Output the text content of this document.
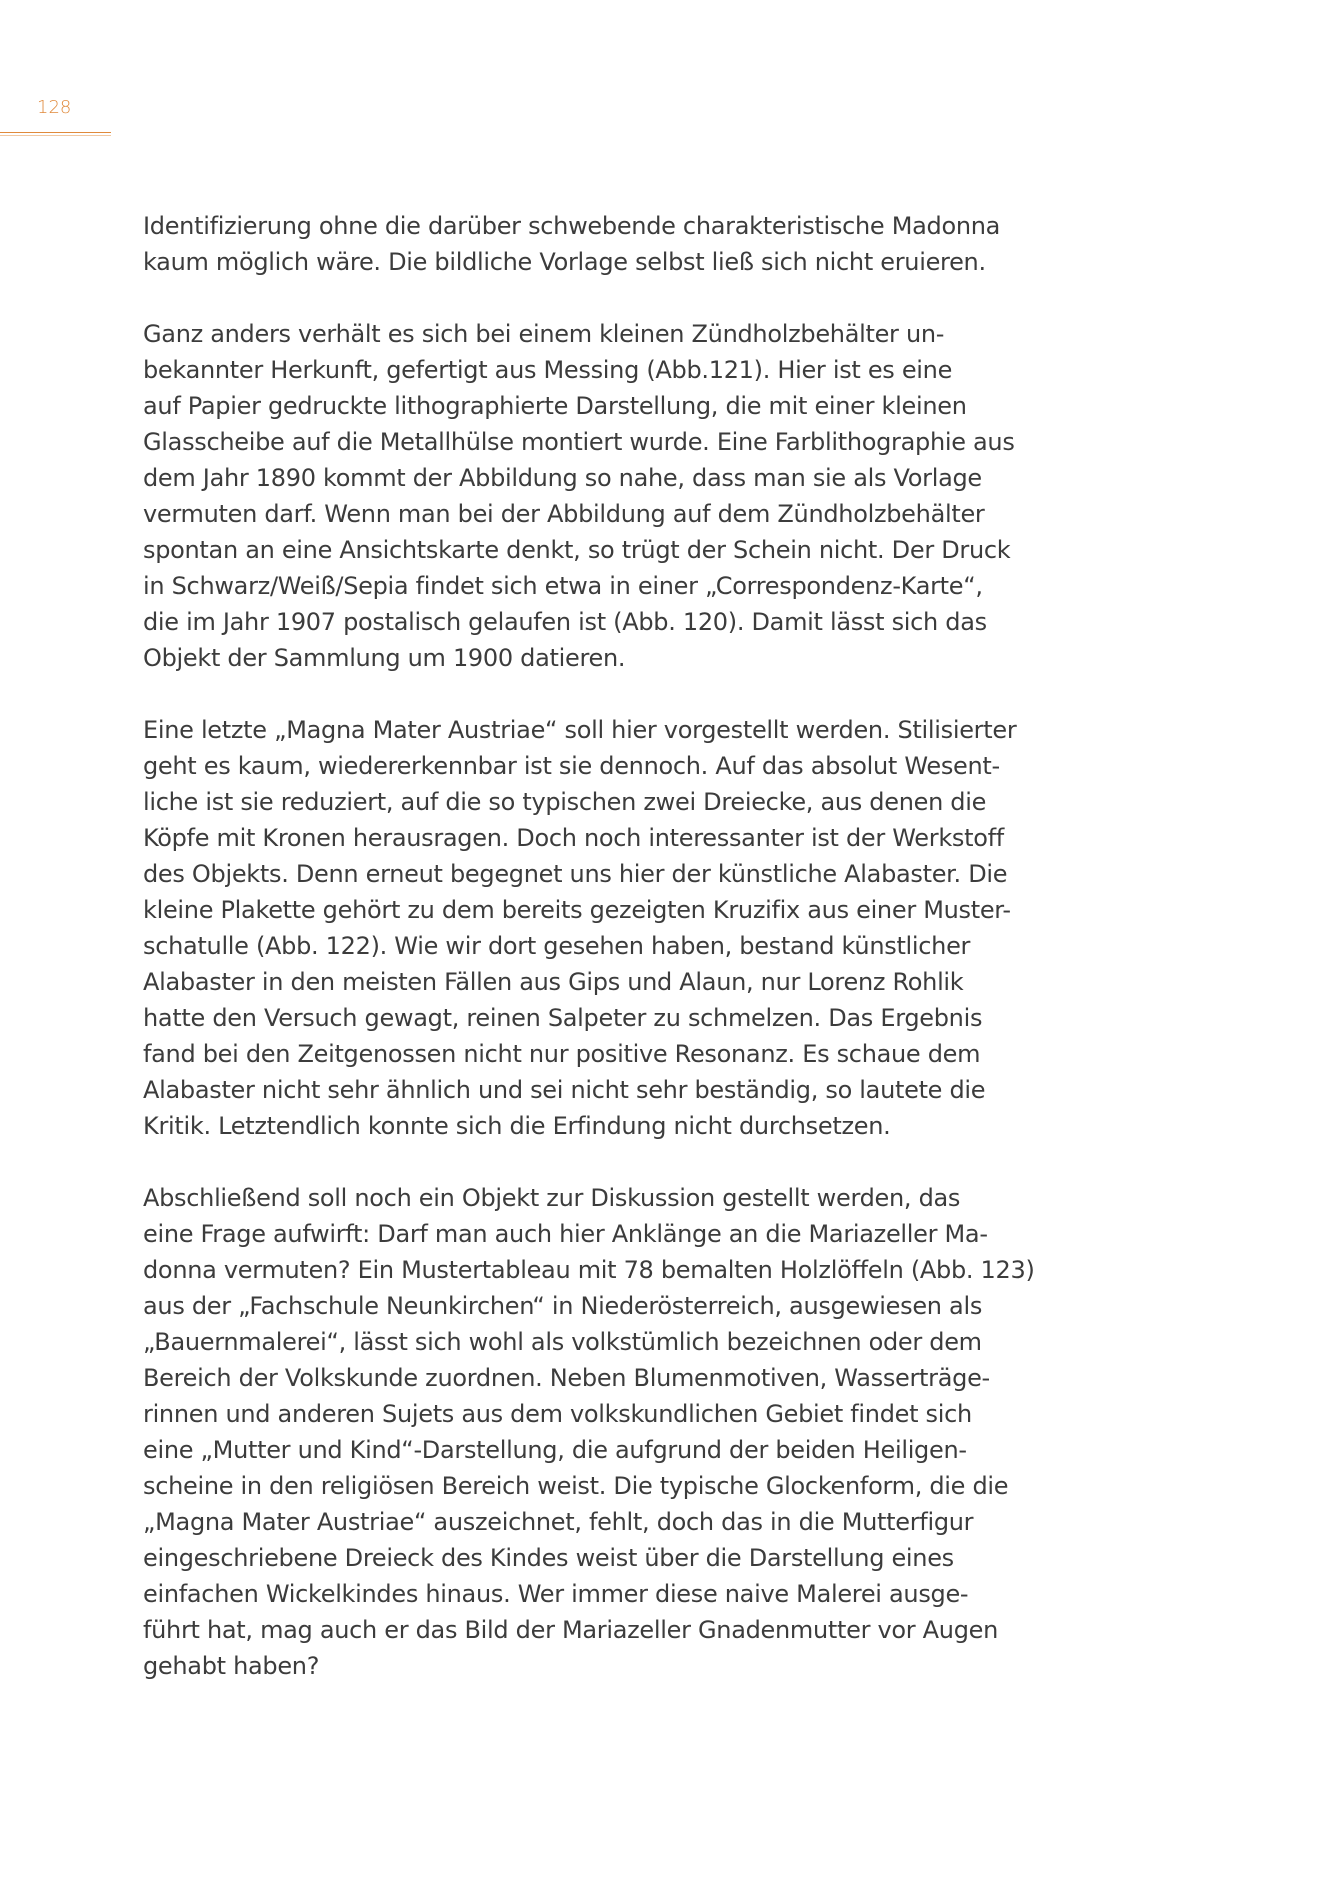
128
Identifizierung ohne die darüber schwebende charakteristische Madonna
kaum möglich wäre. Die bildliche Vorlage selbst ließ sich nicht eruieren.
Ganz anders verhält es sich bei einem kleinen Zündholzbehälter un-
bekannter Herkunft, gefertigt aus Messing (Abb.121). Hier ist es eine
auf Papier gedruckte lithographierte Darstellung, die mit einer kleinen
Glasscheibe auf die Metallhülse montiert wurde. Eine Farblithographie aus
dem Jahr 1890 kommt der Abbildung so nahe, dass man sie als Vorlage
vermuten darf. Wenn man bei der Abbildung auf dem Zündholzbehälter
spontan an eine Ansichtskarte denkt, so trügt der Schein nicht. Der Druck
in Schwarz/Weiß/Sepia findet sich etwa in einer „Correspondenz-Karte“,
die im Jahr 1907 postalisch gelaufen ist (Abb. 120). Damit lässt sich das
Objekt der Sammlung um 1900 datieren.
Eine letzte „Magna Mater Austriae“ soll hier vorgestellt werden. Stilisierter
geht es kaum, wiedererkennbar ist sie dennoch. Auf das absolut Wesent-
liche ist sie reduziert, auf die so typischen zwei Dreiecke, aus denen die
Köpfe mit Kronen herausragen. Doch noch interessanter ist der Werkstoff
des Objekts. Denn erneut begegnet uns hier der künstliche Alabaster. Die
kleine Plakette gehört zu dem bereits gezeigten Kruzifix aus einer Muster-
schatulle (Abb. 122). Wie wir dort gesehen haben, bestand künstlicher
Alabaster in den meisten Fällen aus Gips und Alaun, nur Lorenz Rohlik
hatte den Versuch gewagt, reinen Salpeter zu schmelzen. Das Ergebnis
fand bei den Zeitgenossen nicht nur positive Resonanz. Es schaue dem
Alabaster nicht sehr ähnlich und sei nicht sehr beständig, so lautete die
Kritik. Letztendlich konnte sich die Erfindung nicht durchsetzen.
Abschließend soll noch ein Objekt zur Diskussion gestellt werden, das
eine Frage aufwirft: Darf man auch hier Anklänge an die Mariazeller Ma-
donna vermuten? Ein Mustertableau mit 78 bemalten Holzlöffeln (Abb. 123)
aus der „Fachschule Neunkirchen“ in Niederösterreich, ausgewiesen als
„Bauernmalerei“, lässt sich wohl als volkstümlich bezeichnen oder dem
Bereich der Volkskunde zuordnen. Neben Blumenmotiven, Wasserträge-
rinnen und anderen Sujets aus dem volkskundlichen Gebiet findet sich
eine „Mutter und Kind“-Darstellung, die aufgrund der beiden Heiligen-
scheine in den religiösen Bereich weist. Die typische Glockenform, die die
„Magna Mater Austriae“ auszeichnet, fehlt, doch das in die Mutterfigur
eingeschriebene Dreieck des Kindes weist über die Darstellung eines
einfachen Wickelkindes hinaus. Wer immer diese naive Malerei ausge-
führt hat, mag auch er das Bild der Mariazeller Gnadenmutter vor Augen
gehabt haben?
